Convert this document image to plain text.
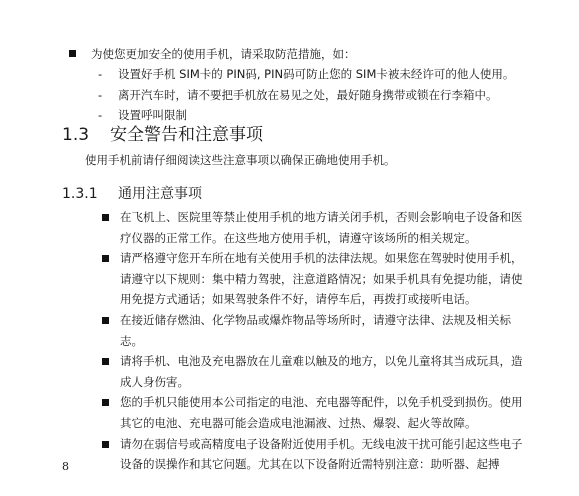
为使您更加安全的使用手机，请采取防范措施，如：
- 设置好手机 SIM卡的 PIN码, PIN码可防止您的 SIM卡被未经许可的他人使用。
- 离开汽车时，请不要把手机放在易见之处，最好随身携带或锁在行李箱中。
- 设置呼叫限制
1.3 安全警告和注意事项

使用手机前请仔细阅读这些注意事项以确保正确地使用手机。

1.3.1 通用注意事项
在飞机上、医院里等禁止使用手机的地方请关闭手机，否则会影响电子设备和医疗仪器的正常工作。在这些地方使用手机，请遵守该场所的相关规定。
请严格遵守您开车所在地有关使用手机的法律法规。如果您在驾驶时使用手机，请遵守以下规则：集中精力驾驶，注意道路情况；如果手机具有免提功能，请使用免提方式通话；如果驾驶条件不好，请停车后，再拨打或接听电话。
在接近储存燃油、化学物品或爆炸物品等场所时，请遵守法律、法规及相关标志。
请将手机、电池及充电器放在儿童难以触及的地方，以免儿童将其当成玩具，造成人身伤害。
您的手机只能使用本公司指定的电池、充电器等配件，以免手机受到损伤。使用其它的电池、充电器可能会造成电池漏液、过热、爆裂、起火等故障。
请勿在弱信号或高精度电子设备附近使用手机。无线电波干扰可能引起这些电子设备的误操作和其它问题。尤其在以下设备附近需特别注意：助听器、起搏
8
